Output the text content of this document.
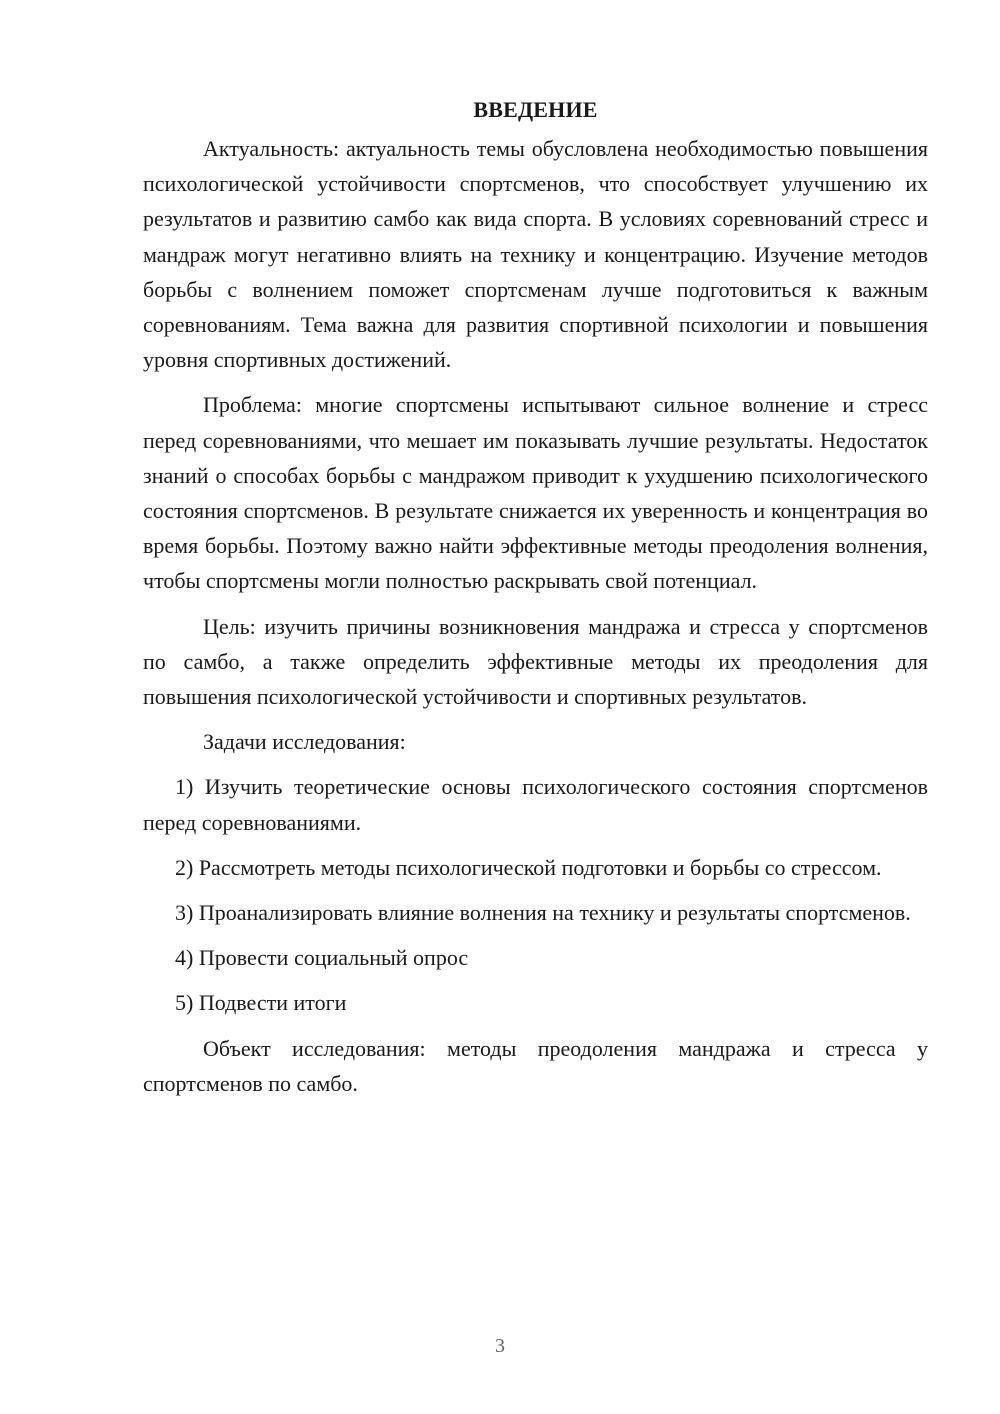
ВВЕДЕНИЕ

Актуальность: актуальность темы обусловлена необходимостью повышения психологической устойчивости спортсменов, что способствует улучшению их результатов и развитию самбо как вида спорта. В условиях соревнований стресс и мандраж могут негативно влиять на технику и концентрацию. Изучение методов борьбы с волнением поможет спортсменам лучше подготовиться к важным соревнованиям. Тема важна для развития спортивной психологии и повышения уровня спортивных достижений.

Проблема: многие спортсмены испытывают сильное волнение и стресс перед соревнованиями, что мешает им показывать лучшие результаты. Недостаток знаний о способах борьбы с мандражом приводит к ухудшению психологического состояния спортсменов. В результате снижается их уверенность и концентрация во время борьбы. Поэтому важно найти эффективные методы преодоления волнения, чтобы спортсмены могли полностью раскрывать свой потенциал.

Цель: изучить причины возникновения мандража и стресса у спортсменов по самбо, а также определить эффективные методы их преодоления для повышения психологической устойчивости и спортивных результатов.

Задачи исследования:

1) Изучить теоретические основы психологического состояния спортсменов перед соревнованиями.

2) Рассмотреть методы психологической подготовки и борьбы со стрессом.

3) Проанализировать влияние волнения на технику и результаты спортсменов.

4) Провести социальный опрос

5) Подвести итоги

Объект исследования: методы преодоления мандража и стресса у спортсменов по самбо.

3
